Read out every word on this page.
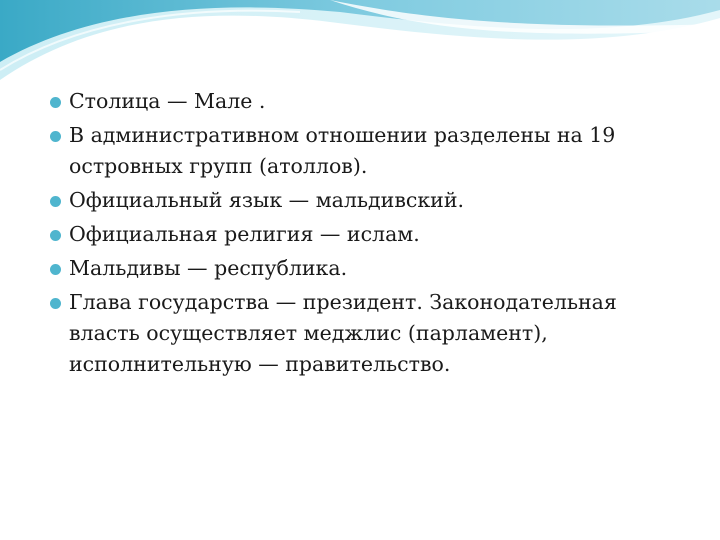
Столица — Мале .
В административном отношении разделены на 19 островных групп (атоллов).
Официальный язык — мальдивский.
Официальная религия — ислам.
Мальдивы — республика.
Глава государства — президент. Законодательная власть осуществляет меджлис (парламент), исполнительную — правительство.
